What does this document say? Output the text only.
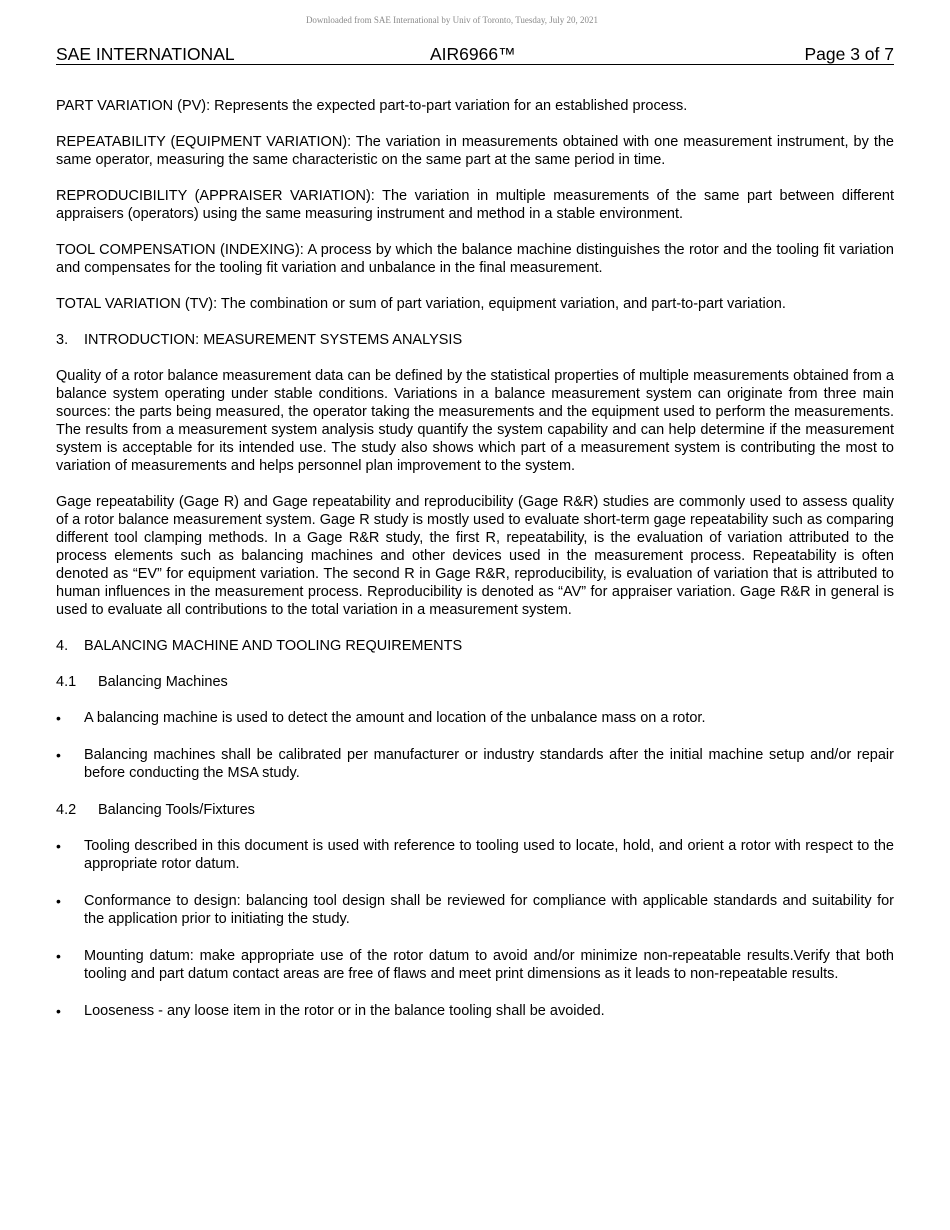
Downloaded from SAE International by Univ of Toronto, Tuesday, July 20, 2021
SAE INTERNATIONAL	AIR6966™	Page 3 of 7

PART VARIATION (PV): Represents the expected part-to-part variation for an established process.

REPEATABILITY (EQUIPMENT VARIATION): The variation in measurements obtained with one measurement instrument, by the same operator, measuring the same characteristic on the same part at the same period in time.

REPRODUCIBILITY (APPRAISER VARIATION): The variation in multiple measurements of the same part between different appraisers (operators) using the same measuring instrument and method in a stable environment.

TOOL COMPENSATION (INDEXING): A process by which the balance machine distinguishes the rotor and the tooling fit variation and compensates for the tooling fit variation and unbalance in the final measurement.

TOTAL VARIATION (TV): The combination or sum of part variation, equipment variation, and part-to-part variation.

3.	INTRODUCTION: MEASUREMENT SYSTEMS ANALYSIS

Quality of a rotor balance measurement data can be defined by the statistical properties of multiple measurements obtained from a balance system operating under stable conditions. Variations in a balance measurement system can originate from three main sources: the parts being measured, the operator taking the measurements and the equipment used to perform the measurements. The results from a measurement system analysis study quantify the system capability and can help determine if the measurement system is acceptable for its intended use. The study also shows which part of a measurement system is contributing the most to variation of measurements and helps personnel plan improvement to the system.

Gage repeatability (Gage R) and Gage repeatability and reproducibility (Gage R&R) studies are commonly used to assess quality of a rotor balance measurement system. Gage R study is mostly used to evaluate short-term gage repeatability such as comparing different tool clamping methods. In a Gage R&R study, the first R, repeatability, is the evaluation of variation attributed to the process elements such as balancing machines and other devices used in the measurement process. Repeatability is often denoted as “EV” for equipment variation. The second R in Gage R&R, reproducibility, is evaluation of variation that is attributed to human influences in the measurement process. Reproducibility is denoted as “AV” for appraiser variation. Gage R&R in general is used to evaluate all contributions to the total variation in a measurement system.

4.	BALANCING MACHINE AND TOOLING REQUIREMENTS
4.1	Balancing Machines
•	A balancing machine is used to detect the amount and location of the unbalance mass on a rotor.
•	Balancing machines shall be calibrated per manufacturer or industry standards after the initial machine setup and/or repair before conducting the MSA study.
4.2	Balancing Tools/Fixtures
•	Tooling described in this document is used with reference to tooling used to locate, hold, and orient a rotor with respect to the appropriate rotor datum.
•	Conformance to design: balancing tool design shall be reviewed for compliance with applicable standards and suitability for the application prior to initiating the study.
•	Mounting datum: make appropriate use of the rotor datum to avoid and/or minimize non-repeatable results.Verify that both tooling and part datum contact areas are free of flaws and meet print dimensions as it leads to non-repeatable results.
•	Looseness - any loose item in the rotor or in the balance tooling shall be avoided.
